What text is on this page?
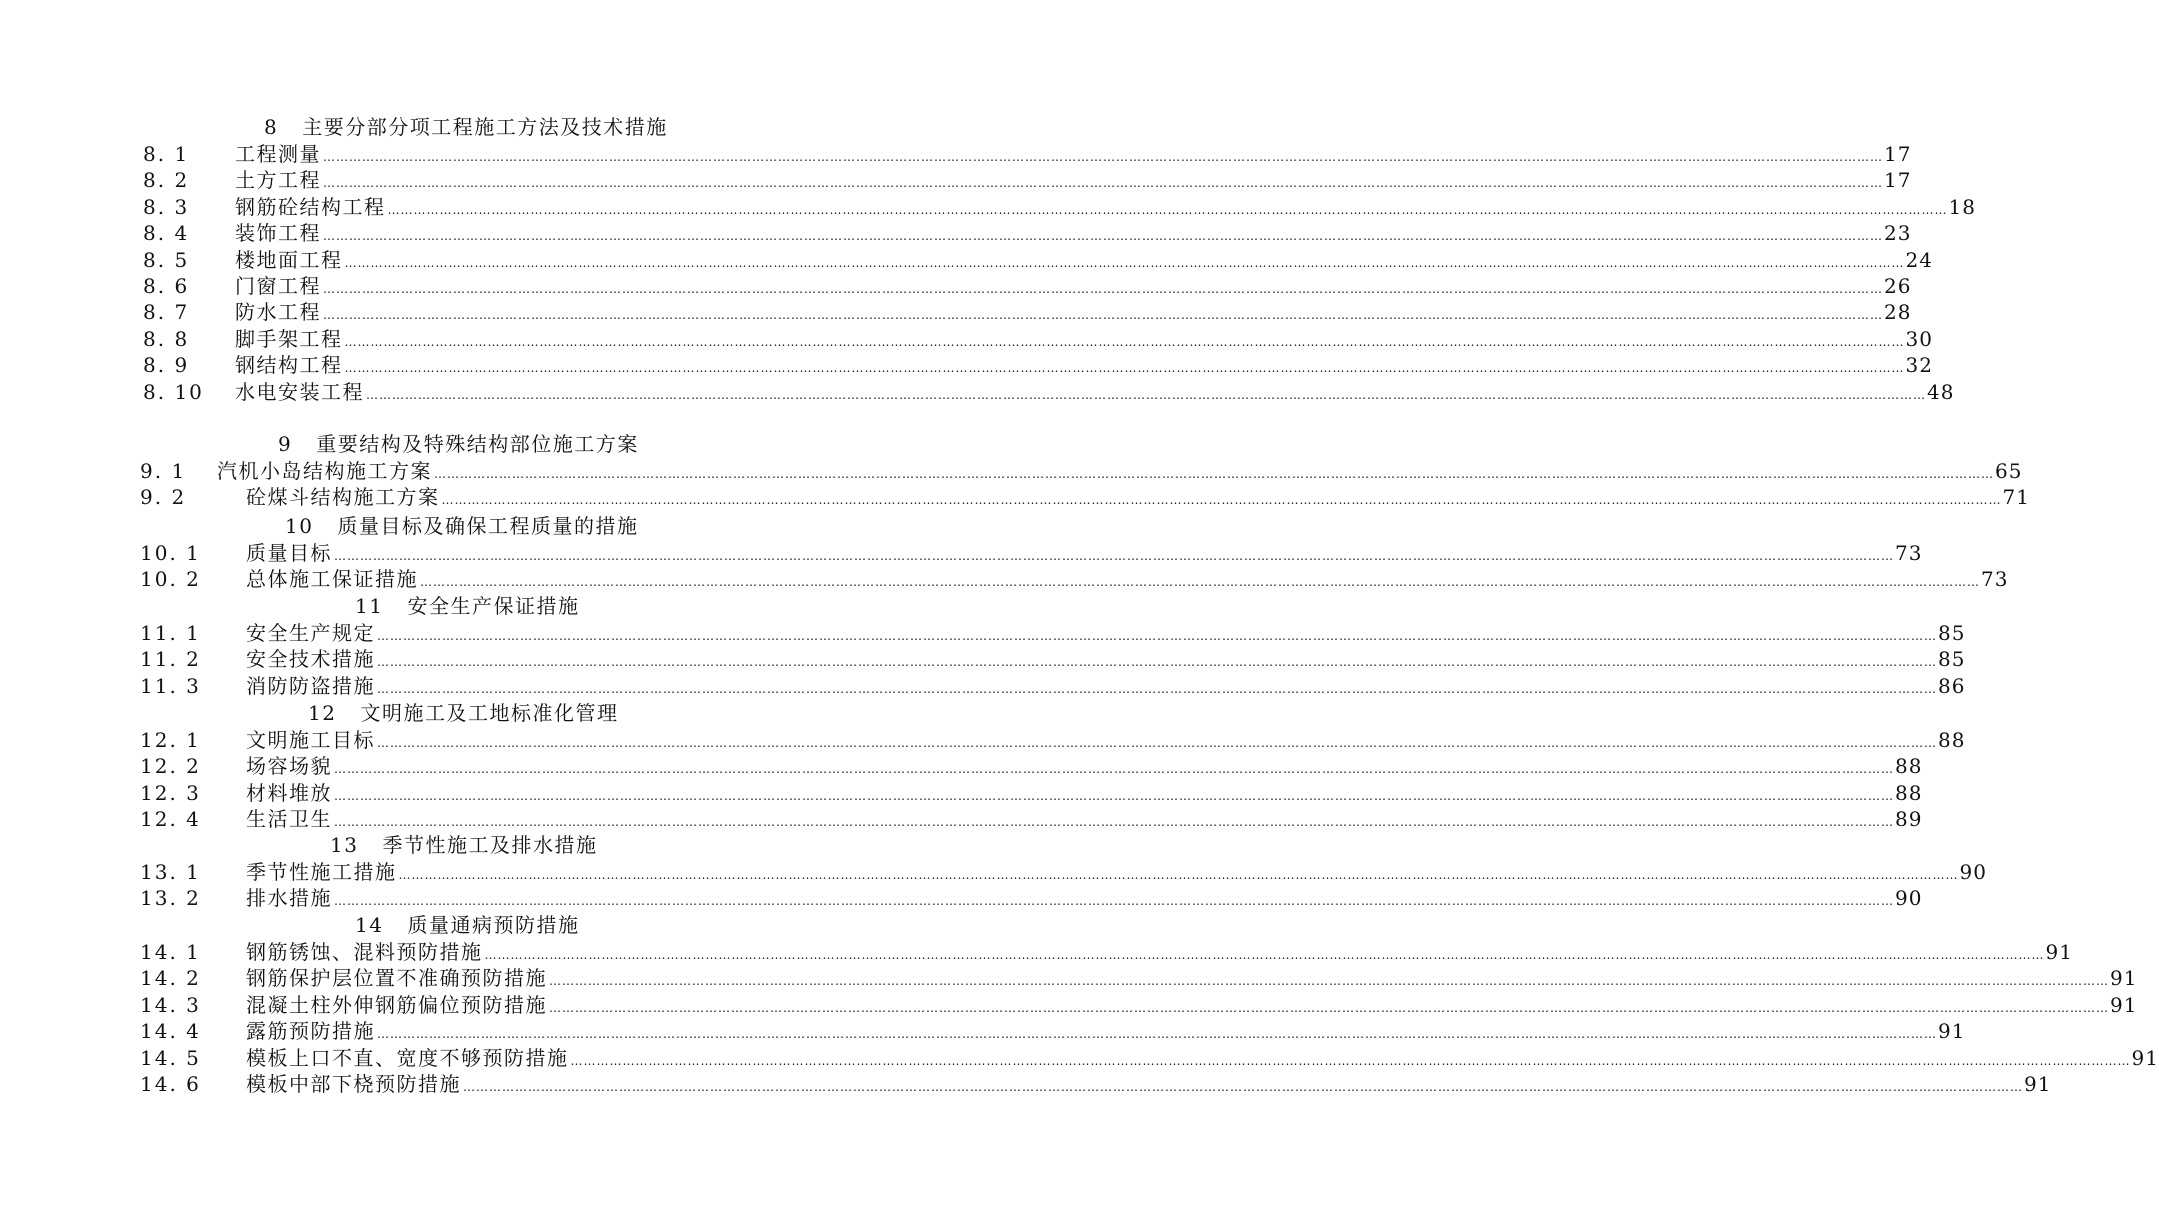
8 主要分部分项工程施工方法及技术措施
8. 1 工程测量 ……………………………………………………………………………………………………………………………………………………………………………………………………………………………………………………………………………………………………………………………… 17
8. 2 土方工程 ……………………………………………………………………………………………………………………………………………………………………………………………………………………………………………………………………………………………………………………………… 17
8. 3 钢筋砼结构工程 ……………………………………………………………………………………………………………………………………………………………………………………………………………………………………………………………………………………………………………………………… 18
8. 4 装饰工程 ……………………………………………………………………………………………………………………………………………………………………………………………………………………………………………………………………………………………………………………………… 23
8. 5 楼地面工程 ……………………………………………………………………………………………………………………………………………………………………………………………………………………………………………………………………………………………………………………………… 24
8. 6 门窗工程 ……………………………………………………………………………………………………………………………………………………………………………………………………………………………………………………………………………………………………………………………… 26
8. 7 防水工程 ……………………………………………………………………………………………………………………………………………………………………………………………………………………………………………………………………………………………………………………………… 28
8. 8 脚手架工程 ……………………………………………………………………………………………………………………………………………………………………………………………………………………………………………………………………………………………………………………………… 30
8. 9 钢结构工程 ……………………………………………………………………………………………………………………………………………………………………………………………………………………………………………………………………………………………………………………………… 32
8. 10 水电安装工程 ……………………………………………………………………………………………………………………………………………………………………………………………………………………………………………………………………………………………………………………………… 48
9 重要结构及特殊结构部位施工方案
9. 1 汽机小岛结构施工方案 ……………………………………………………………………………………………………………………………………………………………………………………………………………………………………………………………………………………………………………………………… 65
9. 2	砼煤斗结构施工方案 ……………………………………………………………………………………………………………………………………………………………………………………………………………………………………………………………………………………………………………………………… 71
10 质量目标及确保工程质量的措施
10. 1 质量目标 ……………………………………………………………………………………………………………………………………………………………………………………………………………………………………………………………………………………………………………………………… 73
10. 2 总体施工保证措施 ……………………………………………………………………………………………………………………………………………………………………………………………………………………………………………………………………………………………………………………………… 73
11 安全生产保证措施
11. 1 安全生产规定 ……………………………………………………………………………………………………………………………………………………………………………………………………………………………………………………………………………………………………………………………… 85
11. 2 安全技术措施 ……………………………………………………………………………………………………………………………………………………………………………………………………………………………………………………………………………………………………………………………… 85
11. 3 消防防盗措施 ……………………………………………………………………………………………………………………………………………………………………………………………………………………………………………………………………………………………………………………………… 86
12 文明施工及工地标准化管理
12. 1 文明施工目标 ……………………………………………………………………………………………………………………………………………………………………………………………………………………………………………………………………………………………………………………………… 88
12. 2 场容场貌 ……………………………………………………………………………………………………………………………………………………………………………………………………………………………………………………………………………………………………………………………… 88
12. 3 材料堆放 ……………………………………………………………………………………………………………………………………………………………………………………………………………………………………………………………………………………………………………………………… 88
12. 4 生活卫生 ……………………………………………………………………………………………………………………………………………………………………………………………………………………………………………………………………………………………………………………………… 89
13 季节性施工及排水措施
13. 1 季节性施工措施 ……………………………………………………………………………………………………………………………………………………………………………………………………………………………………………………………………………………………………………………………… 90
13. 2 排水措施 ……………………………………………………………………………………………………………………………………………………………………………………………………………………………………………………………………………………………………………………………… 90
14 质量通病预防措施
14. 1 钢筋锈蚀、混料预防措施 ……………………………………………………………………………………………………………………………………………………………………………………………………………………………………………………………………………………………………………………………… 91
14. 2 钢筋保护层位置不准确预防措施 ……………………………………………………………………………………………………………………………………………………………………………………………………………………………………………………………………………………………………………………………… 91
14. 3 混凝土柱外伸钢筋偏位预防措施 ……………………………………………………………………………………………………………………………………………………………………………………………………………………………………………………………………………………………………………………………… 91
14. 4 露筋预防措施 ……………………………………………………………………………………………………………………………………………………………………………………………………………………………………………………………………………………………………………………………… 91
14. 5 模板上口不直、宽度不够预防措施 ……………………………………………………………………………………………………………………………………………………………………………………………………………………………………………………………………………………………………………………………… 91
14. 6 模板中部下桡预防措施 ……………………………………………………………………………………………………………………………………………………………………………………………………………………………………………………………………………………………………………………………… 91
